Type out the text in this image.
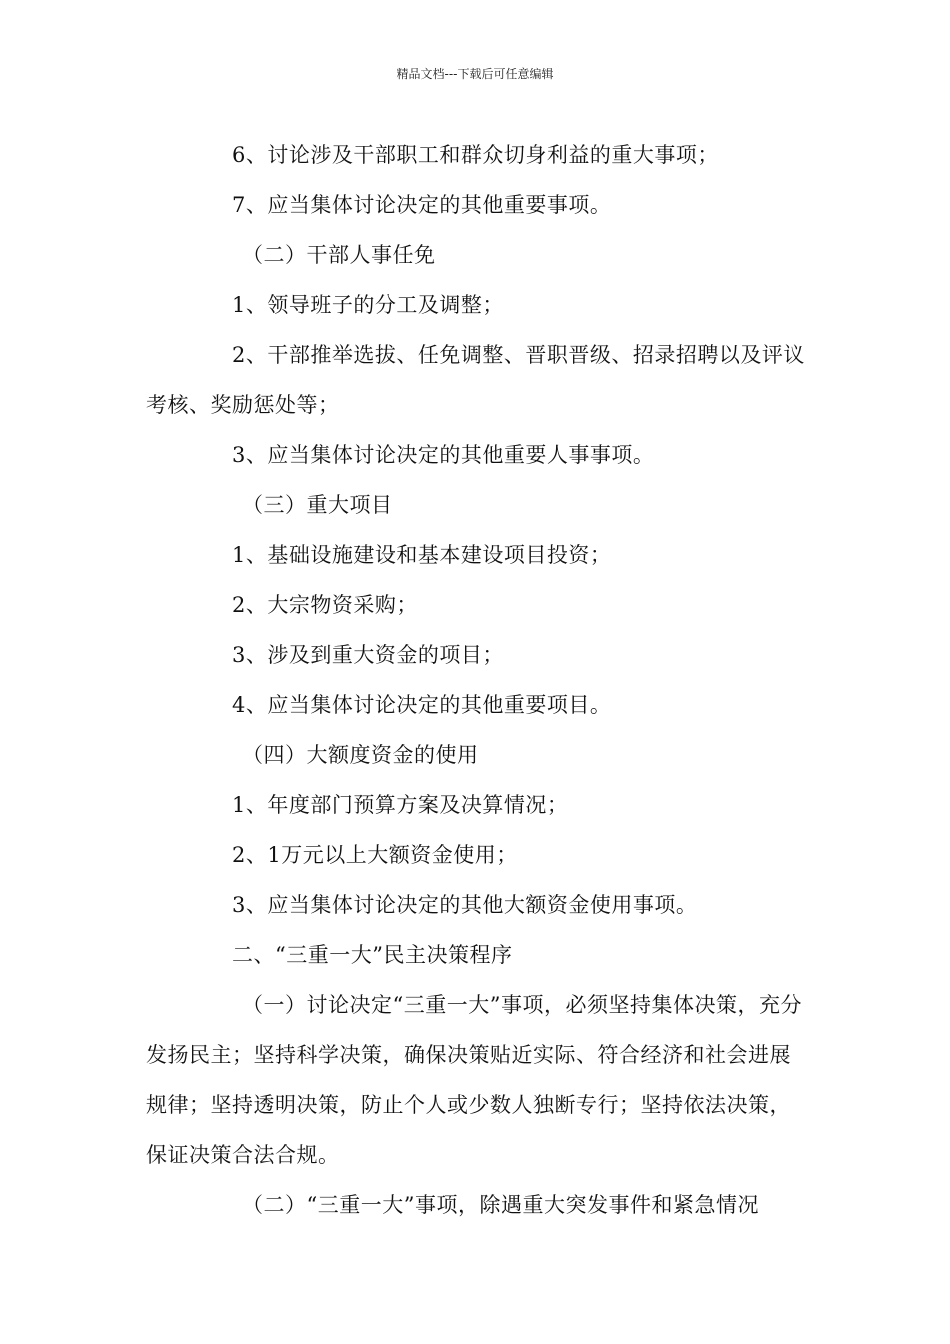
精品文档---下载后可任意编辑

6、讨论涉及干部职工和群众切身利益的重大事项；

7、应当集体讨论决定的其他重要事项。

（二）干部人事任免

1、领导班子的分工及调整；

2、干部推举选拔、任免调整、晋职晋级、招录招聘以及评议考核、奖励惩处等；

3、应当集体讨论决定的其他重要人事事项。

（三）重大项目

1、基础设施建设和基本建设项目投资；

2、大宗物资采购；

3、涉及到重大资金的项目；

4、应当集体讨论决定的其他重要项目。

（四）大额度资金的使用

1、年度部门预算方案及决算情况；

2、1万元以上大额资金使用；

3、应当集体讨论决定的其他大额资金使用事项。

二、“三重一大”民主决策程序

（一）讨论决定“三重一大”事项，必须坚持集体决策，充分发扬民主；坚持科学决策，确保决策贴近实际、符合经济和社会进展规律；坚持透明决策，防止个人或少数人独断专行；坚持依法决策，保证决策合法合规。

（二）“三重一大”事项，除遇重大突发事件和紧急情况
